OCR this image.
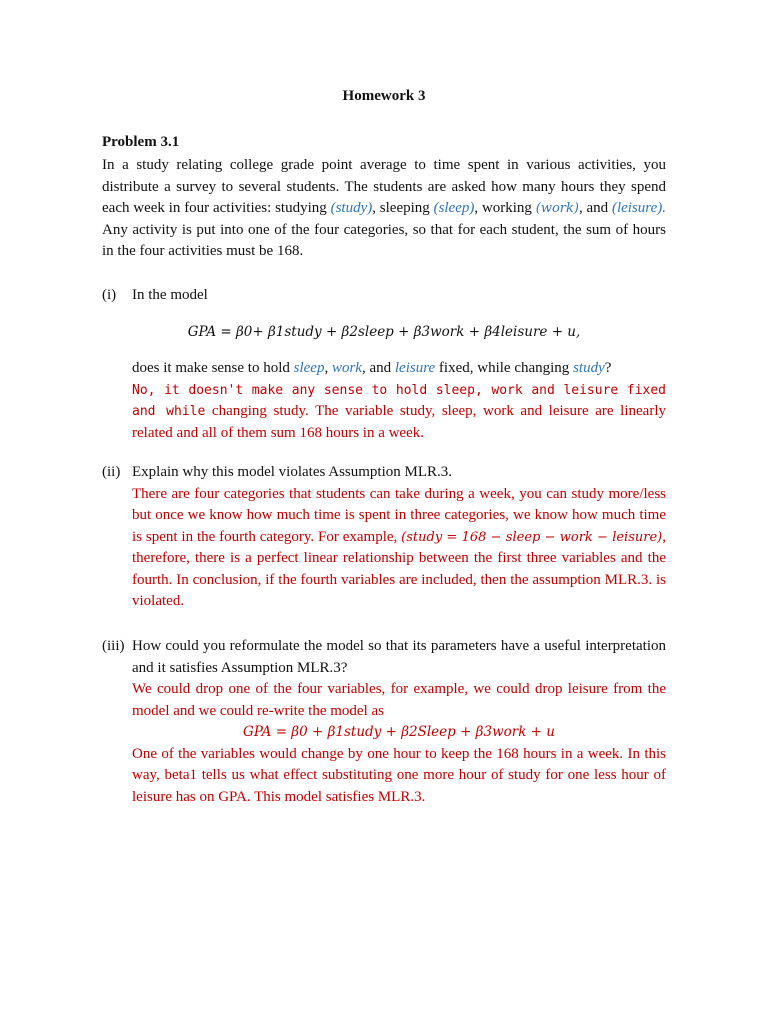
Homework 3
Problem 3.1
In a study relating college grade point average to time spent in various activities, you distribute a survey to several students. The students are asked how many hours they spend each week in four activities: studying (study), sleeping (sleep), working (work), and (leisure). Any activity is put into one of the four categories, so that for each student, the sum of hours in the four activities must be 168.
(i) In the model

GPA = β0+ β1study + β2sleep + β3work + β4leisure + u,

does it make sense to hold sleep, work, and leisure fixed, while changing study?

No, it doesn't make any sense to hold sleep, work and leisure fixed and while changing study. The variable study, sleep, work and leisure are linearly related and all of them sum 168 hours in a week.

(ii) Explain why this model violates Assumption MLR.3.

There are four categories that students can take during a week, you can study more/less but once we know how much time is spent in three categories, we know how much time is spent in the fourth category. For example, (study = 168 − sleep − work − leisure), therefore, there is a perfect linear relationship between the first three variables and the fourth. In conclusion, if the fourth variables are included, then the assumption MLR.3. is violated.

(iii) How could you reformulate the model so that its parameters have a useful interpretation and it satisfies Assumption MLR.3?

We could drop one of the four variables, for example, we could drop leisure from the model and we could re-write the model as

GPA = β0 + β1study + β2Sleep + β3work + u

One of the variables would change by one hour to keep the 168 hours in a week. In this way, beta1 tells us what effect substituting one more hour of study for one less hour of leisure has on GPA. This model satisfies MLR.3.
